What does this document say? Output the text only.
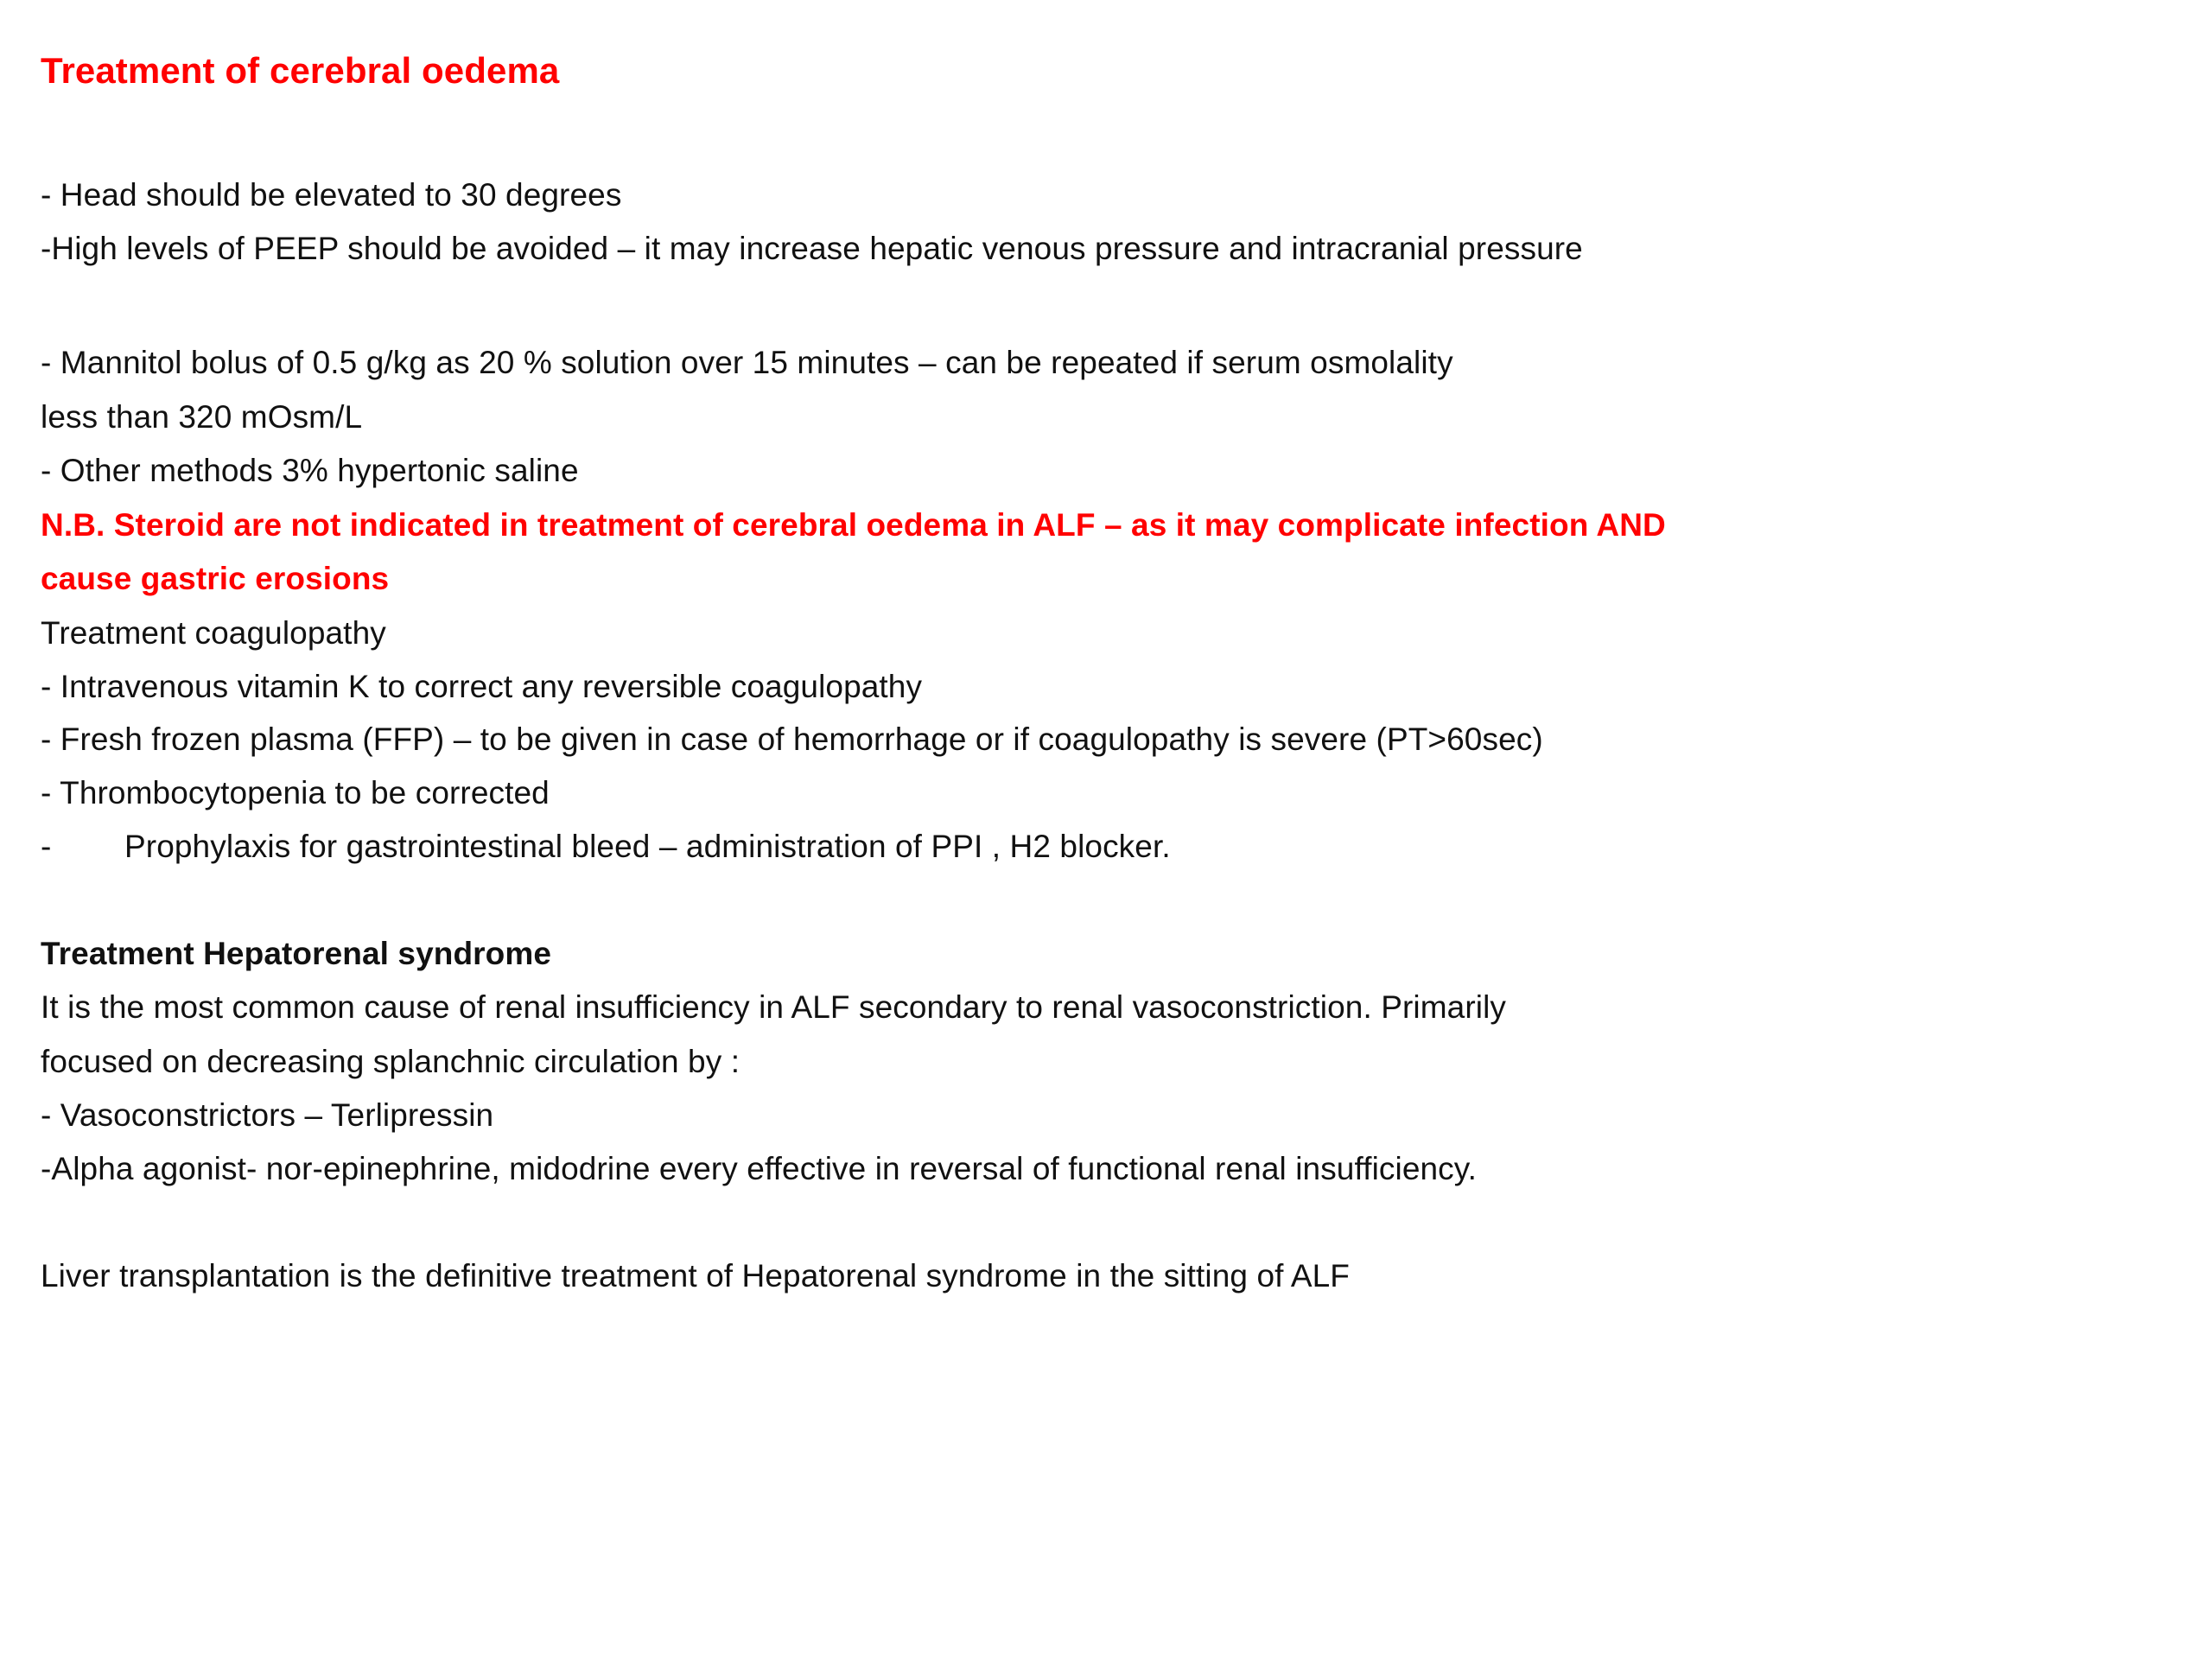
Treatment of cerebral oedema
- Head should be elevated to 30 degrees
-High levels of PEEP should be avoided – it may increase hepatic venous pressure and intracranial pressure
- Mannitol bolus of 0.5 g/kg as 20 % solution over 15 minutes – can be repeated if serum osmolality
less than 320 mOsm/L
- Other methods 3% hypertonic saline
N.B. Steroid are not indicated in treatment of cerebral oedema in ALF – as it may complicate infection AND
cause gastric erosions
Treatment coagulopathy
- Intravenous vitamin K to correct any reversible coagulopathy
- Fresh frozen plasma (FFP) – to be given in case of hemorrhage or if coagulopathy is severe (PT>60sec)
- Thrombocytopenia to be corrected
- Prophylaxis for gastrointestinal bleed – administration of PPI , H2 blocker.
Treatment Hepatorenal syndrome
It is the most common cause of renal insufficiency in ALF secondary to renal vasoconstriction. Primarily
focused on decreasing splanchnic circulation by :
- Vasoconstrictors – Terlipressin
-Alpha agonist- nor-epinephrine, midodrine every effective in reversal of functional renal insufficiency.
Liver transplantation is the definitive treatment of Hepatorenal syndrome in the sitting of ALF
